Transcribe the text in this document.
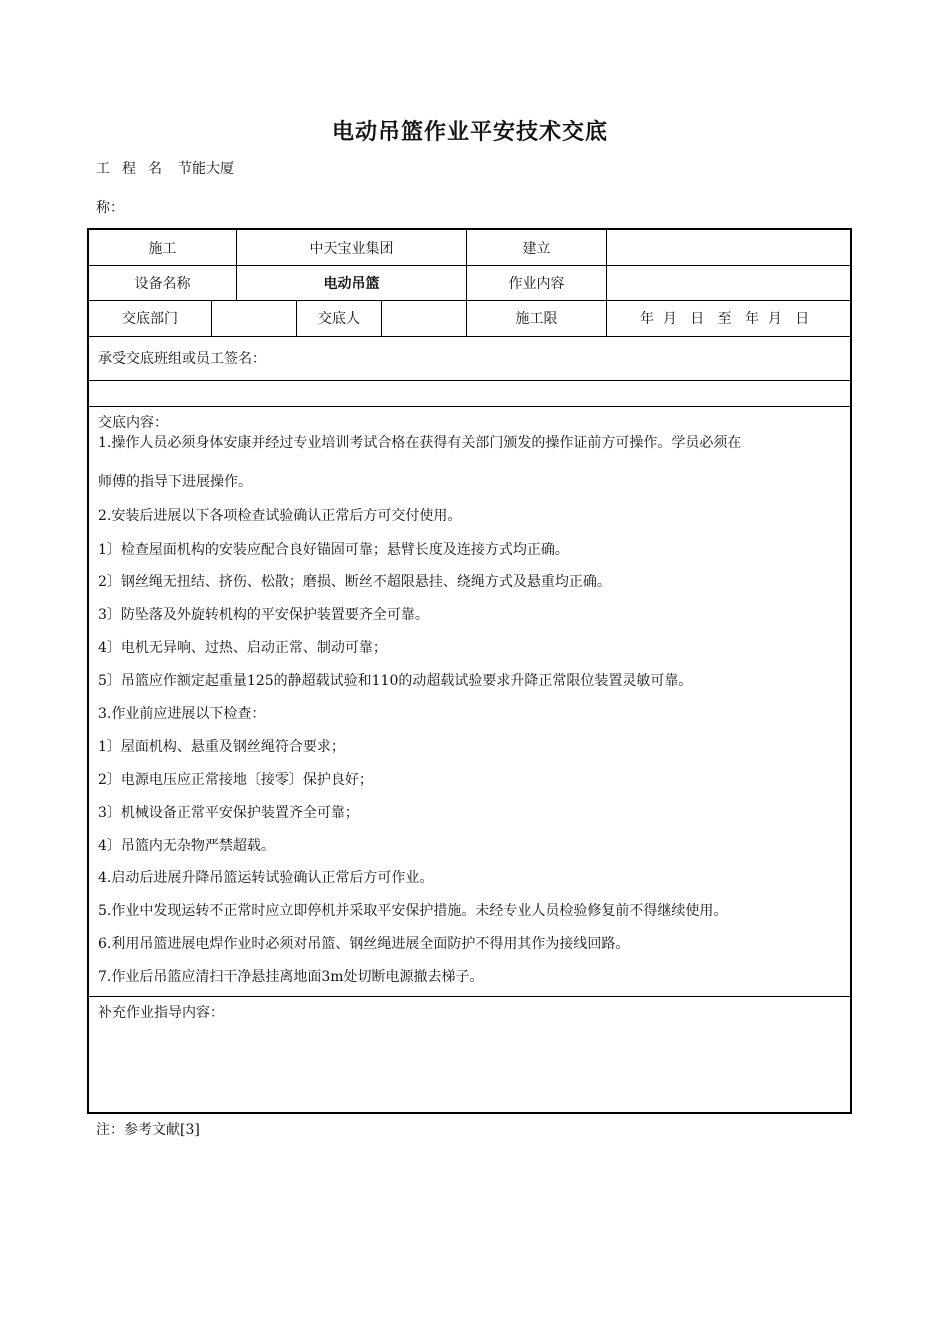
电动吊篮作业平安技术交底
工程名 节能大厦
称：
施工	中天宝业集团	建立
设备名称	电动吊篮	作业内容
交底部门	交底人	施工限	年  月   日   至   年  月   日
承受交底班组或员工签名：
交底内容：
1.操作人员必须身体安康并经过专业培训考试合格在获得有关部门颁发的操作证前方可操作。学员必须在
师傅的指导下进展操作。
2.安装后进展以下各项检查试验确认正常后方可交付使用。
1〕检查屋面机构的安装应配合良好锚固可靠；悬臂长度及连接方式均正确。
2〕钢丝绳无扭结、挤伤、松散；磨损、断丝不超限悬挂、绕绳方式及悬重均正确。
3〕防坠落及外旋转机构的平安保护装置要齐全可靠。
4〕电机无异响、过热、启动正常、制动可靠；
5〕吊篮应作额定起重量125的静超载试验和110的动超载试验要求升降正常限位装置灵敏可靠。
3.作业前应进展以下检查：
1〕屋面机构、悬重及钢丝绳符合要求；
2〕电源电压应正常接地〔接零〕保护良好；
3〕机械设备正常平安保护装置齐全可靠；
4〕吊篮内无杂物严禁超载。
4.启动后进展升降吊篮运转试验确认正常后方可作业。
5.作业中发现运转不正常时应立即停机并采取平安保护措施。未经专业人员检验修复前不得继续使用。
6.利用吊篮进展电焊作业时必须对吊篮、钢丝绳进展全面防护不得用其作为接线回路。
7.作业后吊篮应清扫干净悬挂离地面3m处切断电源撤去梯子。
补充作业指导内容：
注：参考文献[3]
